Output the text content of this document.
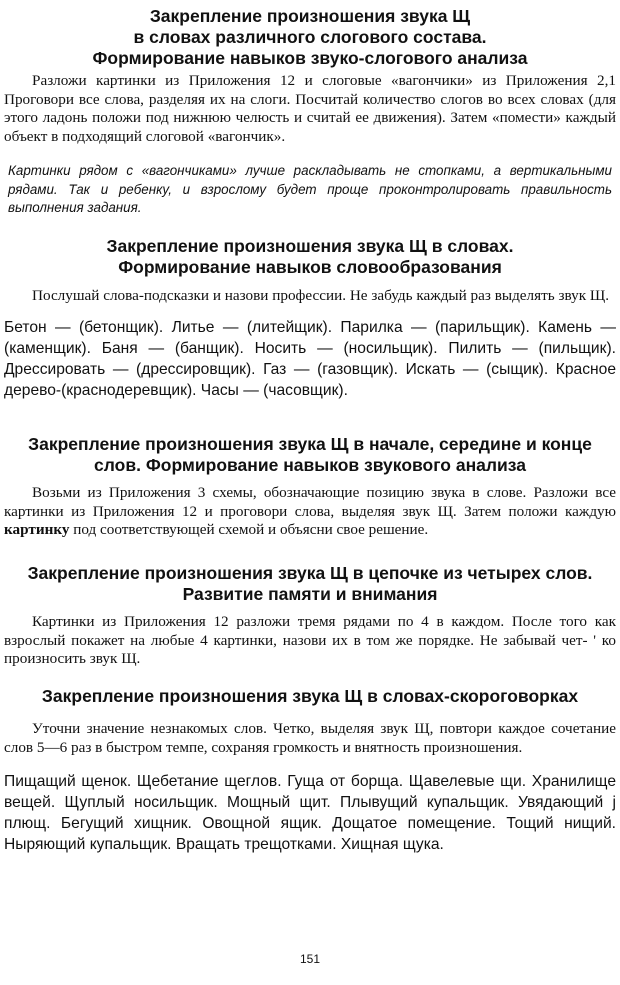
Закрепление произношения звука Щ
в словах различного слогового состава.
Формирование навыков звуко-слогового анализа

Разложи картинки из Приложения 12 и слоговые «вагончики» из Приложения 2,1 Проговори все слова, разделяя их на слоги. Посчитай количество слогов во всех словах (для этого ладонь положи под нижнюю челюсть и считай ее движения). Затем «помести» каждый объект в подходящий слоговой «вагончик».

Картинки рядом с «вагончиками» лучше раскладывать не стопками, а вертикальными рядами. Так и ребенку, и взрослому будет проще проконтролировать правильность выполнения задания.

Закрепление произношения звука Щ в словах.
Формирование навыков словообразования

Послушай слова-подсказки и назови профессии. Не забудь каждый раз выделять звук Щ.

Бетон — (бетонщик). Литье — (литейщик). Парилка — (парильщик). Камень — (каменщик). Баня — (банщик). Носить — (носильщик). Пилить — (пильщик). Дрессировать — (дрессировщик). Газ — (газовщик). Искать — (сыщик). Красное дерево-(краснодеревщик). Часы — (часовщик).

Закрепление произношения звука Щ в начале, середине и конце
слов. Формирование навыков звукового анализа

Возьми из Приложения 3 схемы, обозначающие позицию звука в слове. Разложи все картинки из Приложения 12 и проговори слова, выделяя звук Щ. Затем положи каждую картинку под соответствующей схемой и объясни свое решение.

Закрепление произношения звука Щ в цепочке из четырех слов.
Развитие памяти и внимания

Картинки из Приложения 12 разложи тремя рядами по 4 в каждом. После того как взрослый покажет на любые 4 картинки, назови их в том же порядке. Не забывай чет- ' ко произносить звук Щ.

Закрепление произношения звука Щ в словах-скороговорках

Уточни значение незнакомых слов. Четко, выделяя звук Щ, повтори каждое сочетание слов 5—6 раз в быстром темпе, сохраняя громкость и внятность произношения.

Пищащий щенок. Щебетание щеглов. Гуща от борща. Щавелевые щи. Хранилище вещей. Щуплый носильщик. Мощный щит. Плывущий купальщик. Увядающий j плющ. Бегущий хищник. Овощной ящик. Дощатое помещение. Тощий нищий. Ныряющий купальщик. Вращать трещотками. Хищная щука.

151
